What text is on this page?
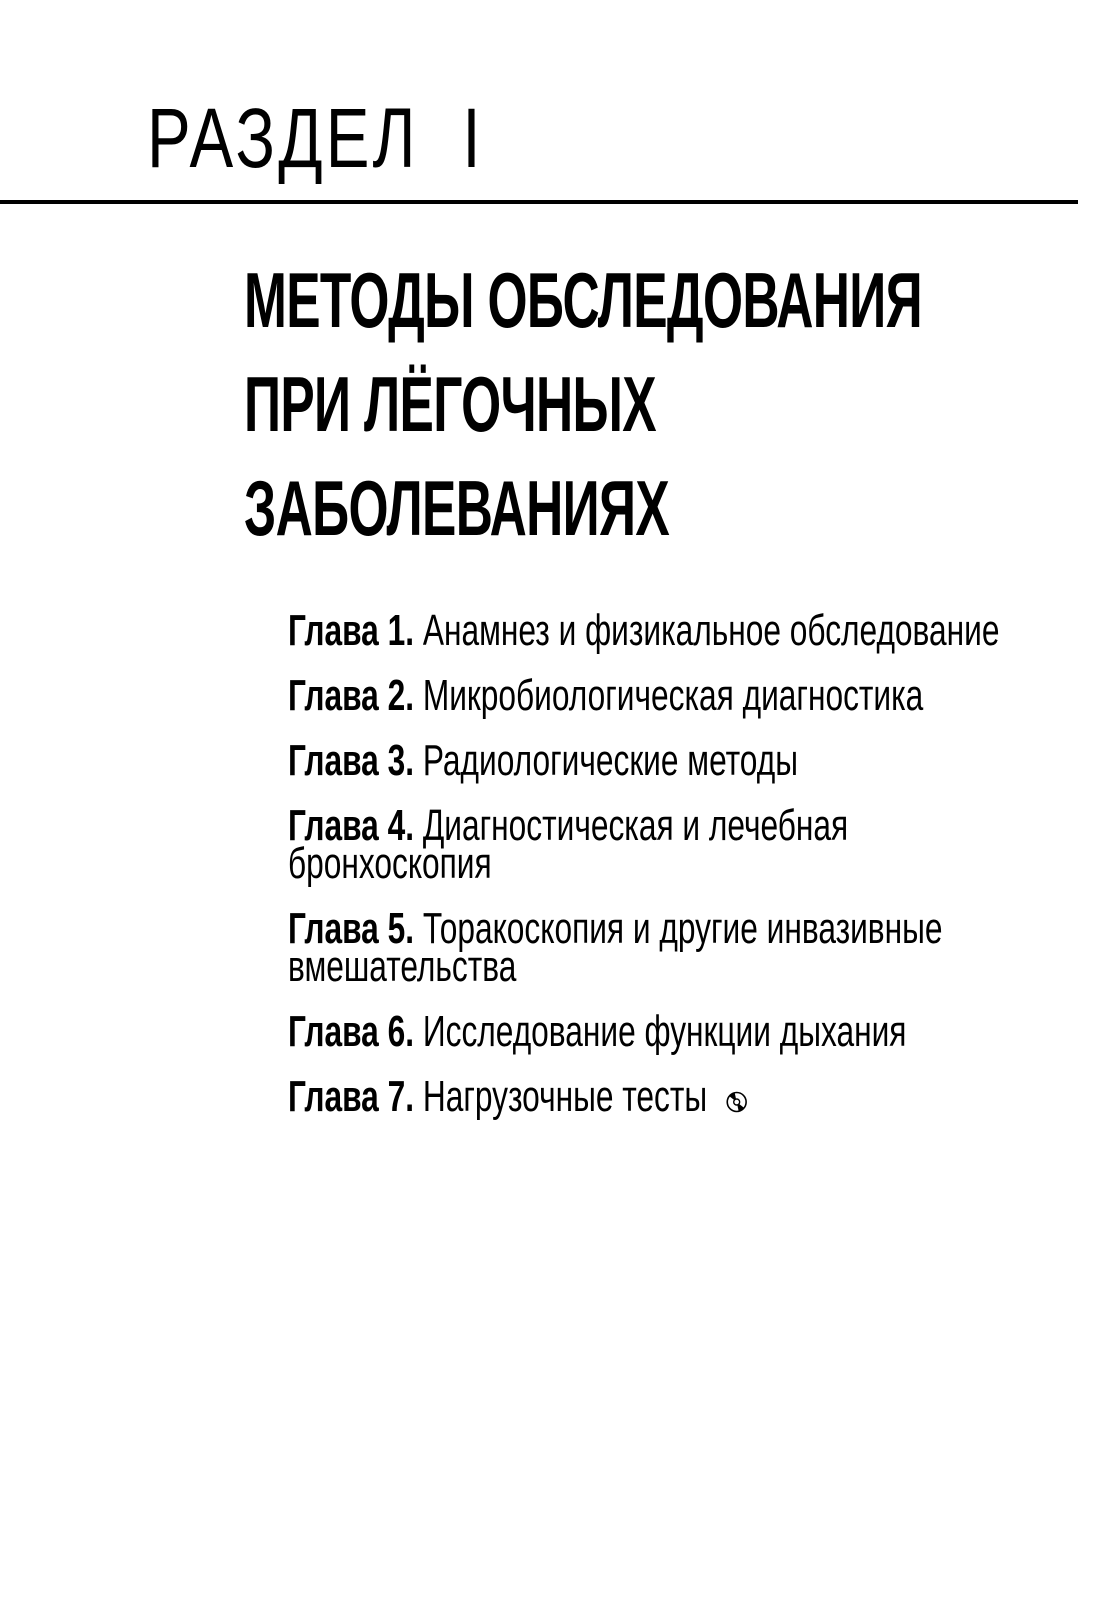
РАЗДЕЛ I
МЕТОДЫ ОБСЛЕДОВАНИЯ
ПРИ ЛЁГОЧНЫХ
ЗАБОЛЕВАНИЯХ
Глава 1. Анамнез и физикальное обследование
Глава 2. Микробиологическая диагностика
Глава 3. Радиологические методы
Глава 4. Диагностическая и лечебная
бронхоскопия
Глава 5. Торакоскопия и другие инвазивные
вмешательства
Глава 6. Исследование функции дыхания
Глава 7. Нагрузочные тесты
